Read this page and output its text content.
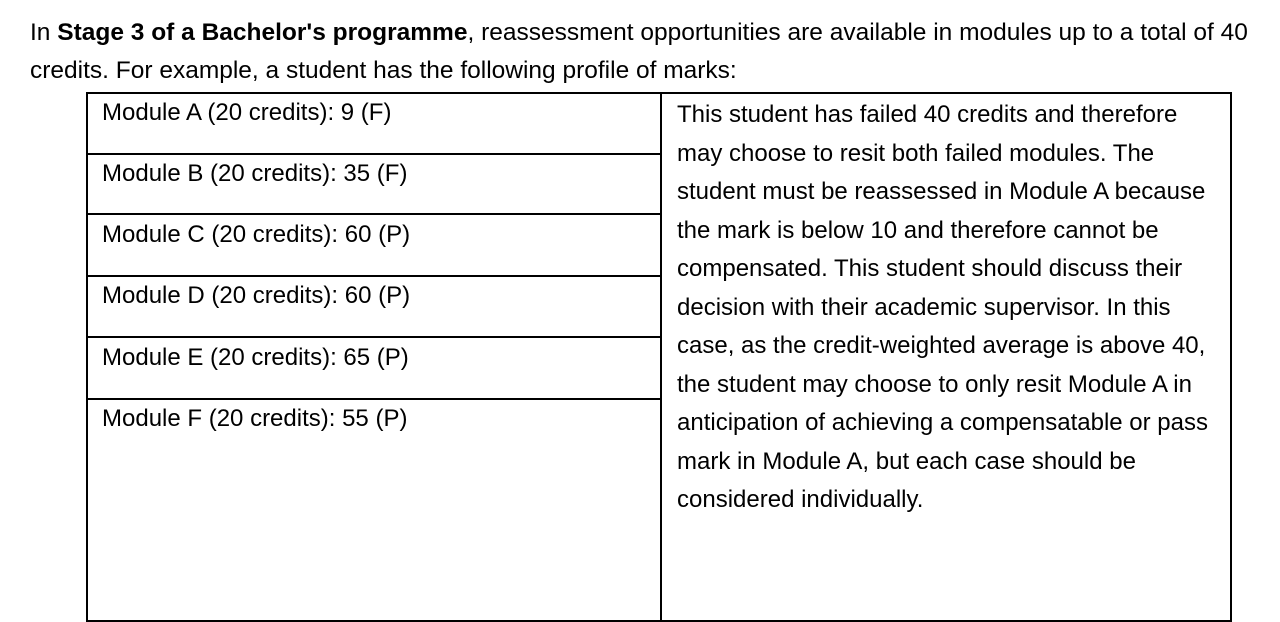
In Stage 3 of a Bachelor's programme, reassessment opportunities are available in modules up to a total of 40 credits. For example, a student has the following profile of marks:

Module A (20 credits): 9 (F)
Module B (20 credits): 35 (F)
Module C (20 credits): 60 (P)
Module D (20 credits): 60 (P)
Module E (20 credits): 65 (P)
Module F (20 credits): 55 (P)

This student has failed 40 credits and therefore may choose to resit both failed modules. The student must be reassessed in Module A because the mark is below 10 and therefore cannot be compensated. This student should discuss their decision with their academic supervisor. In this case, as the credit-weighted average is above 40, the student may choose to only resit Module A in anticipation of achieving a compensatable or pass mark in Module A, but each case should be considered individually.
